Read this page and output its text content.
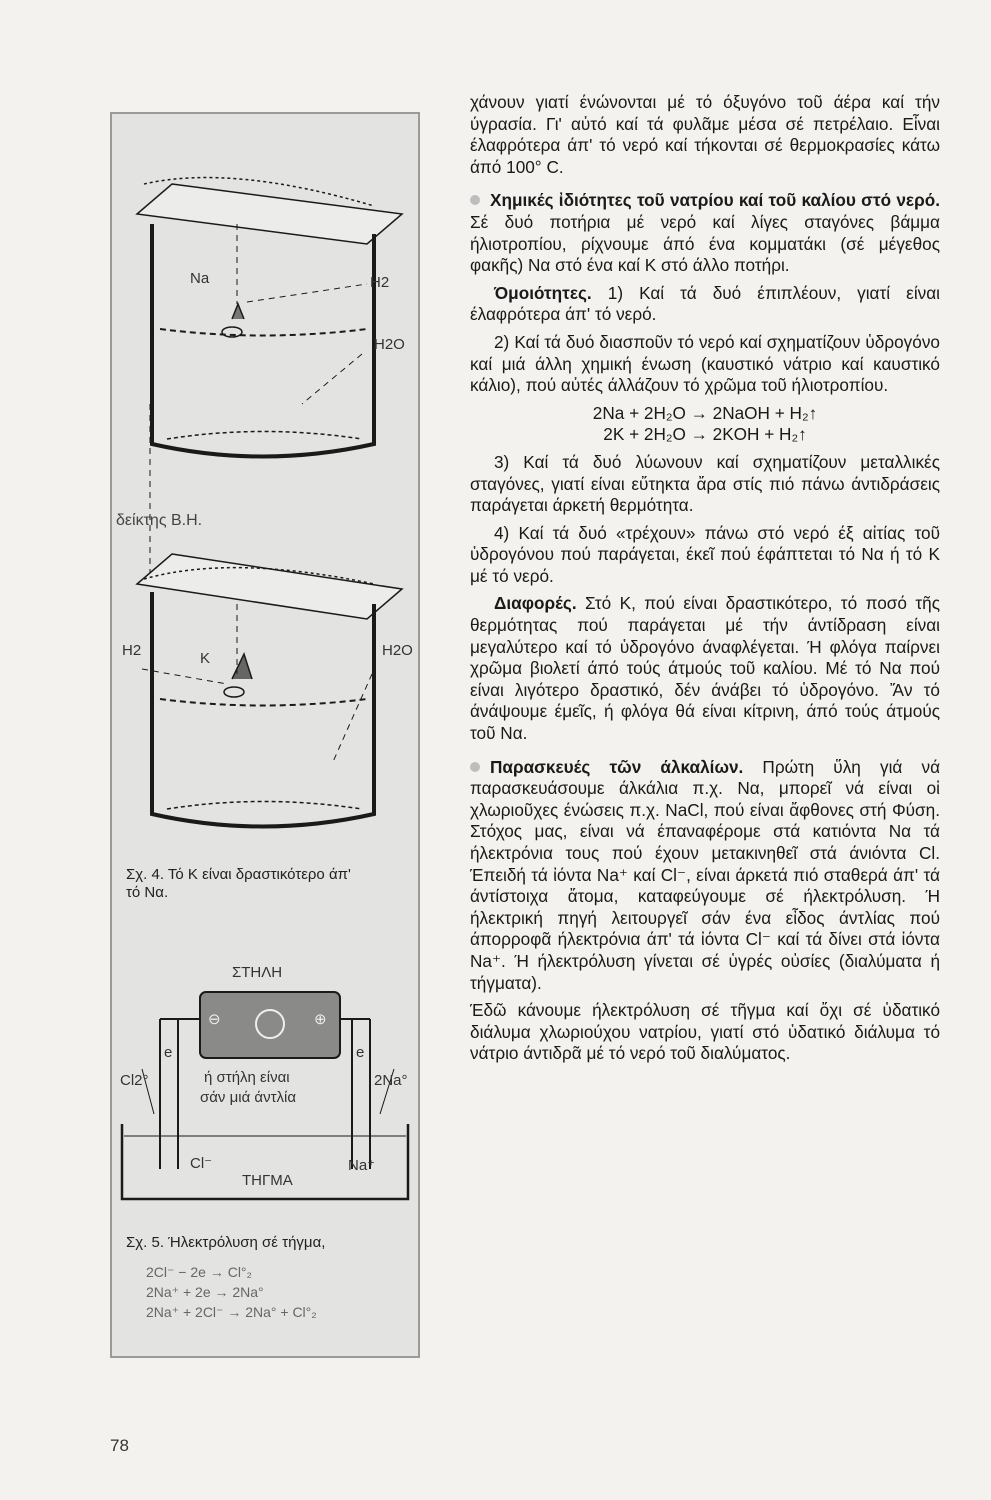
Na	H2
H2O
δείκτης Β.Η.
H2	K	H2O
Σχ. 4. Τό Κ είναι δραστικότερο άπ'
τό Να.
ΣΤΗΛΗ
⊖	⊕
Cl2°	2Na°
e	e
ή στήλη είναι
σάν μιά άντλία
Cl⁻	Na⁺
ΤΗΓΜΑ
Σχ. 5. Ήλεκτρόλυση σέ τήγμα,
2Cl⁻ − 2e → Cl°₂
2Na⁺ + 2e → 2Na°
2Na⁺ + 2Cl⁻ → 2Na° + Cl°₂

χάνουν γιατί ένώνονται μέ τό όξυγόνο τοῦ άέρα καί τήν ύγρασία. Γι' αὐτό καί τά φυλᾶμε μέσα σέ πετρέλαιο. Εἶναι έλαφρότερα άπ' τό νερό καί τήκονται σέ θερμοκρασίες κάτω άπό 100° C.

Χημικές ἰδιότητες τοῦ νατρίου καί τοῦ καλίου στό νερό. Σέ δυό ποτήρια μέ νερό καί λίγες σταγόνες βάμμα ήλιοτροπίου, ρίχνουμε άπό ένα κομματάκι (σέ μέγεθος φακῆς) Να στό ένα καί Κ στό άλλο ποτήρι.

Όμοιότητες. 1) Καί τά δυό έπιπλέουν, γιατί είναι έλαφρότερα άπ' τό νερό.

2) Καί τά δυό διασποῦν τό νερό καί σχηματίζουν ὑδρογόνο καί μιά άλλη χημική ένωση (καυστικό νάτριο καί καυστικό κάλιο), πού αὐτές άλλάζουν τό χρῶμα τοῦ ήλιοτροπίου.

2Na + 2H₂O → 2NaOH + H₂↑

2K + 2H₂O → 2KOH + H₂↑

3) Καί τά δυό λύωνουν καί σχηματίζουν μεταλλικές σταγόνες, γιατί είναι εὔτηκτα ἄρα στίς πιό πάνω άντιδράσεις παράγεται άρκετή θερμότητα.

4) Καί τά δυό «τρέχουν» πάνω στό νερό έξ αἰτίας τοῦ ὑδρογόνου πού παράγεται, έκεῖ πού έφάπτεται τό Να ή τό Κ μέ τό νερό.

Διαφορές. Στό Κ, πού είναι δραστικότερο, τό ποσό τῆς θερμότητας πού παράγεται μέ τήν άντίδραση είναι μεγαλύτερο καί τό ὑδρογόνο άναφλέγεται. Ή φλόγα παίρνει χρῶμα βιολετί άπό τούς άτμούς τοῦ καλίου. Μέ τό Να πού είναι λιγότερο δραστικό, δέν άνάβει τό ὑδρογόνο. Ἄν τό άνάψουμε έμεῖς, ή φλόγα θά είναι κίτρινη, άπό τούς άτμούς τοῦ Να.

Παρασκευές τῶν άλκαλίων. Πρώτη ὕλη γιά νά παρασκευάσουμε άλκάλια π.χ. Να, μπορεῖ νά είναι οἱ χλωριοῦχες ένώσεις π.χ. NaCl, πού είναι ἄφθονες στή Φύση. Στόχος μας, είναι νά έπαναφέρομε στά κατιόντα Να τά ήλεκτρόνια τους πού έχουν μετακινηθεῖ στά άνιόντα Cl. Έπειδή τά ἰόντα Na⁺ καί Cl⁻, είναι άρκετά πιό σταθερά άπ' τά άντίστοιχα ἄτομα, καταφεύγουμε σέ ήλεκτρόλυση. Ή ήλεκτρική πηγή λειτουργεῖ σάν ένα εἶδος άντλίας πού άπορροφᾶ ήλεκτρόνια άπ' τά ἰόντα Cl⁻ καί τά δίνει στά ἰόντα Na⁺. Ή ήλεκτρόλυση γίνεται σέ ὑγρές οὐσίες (διαλύματα ή τήγματα).

Έδῶ κάνουμε ήλεκτρόλυση σέ τῆγμα καί ὄχι σέ ὑδατικό διάλυμα χλωριούχου νατρίου, γιατί στό ὑδατικό διάλυμα τό νάτριο άντιδρᾶ μέ τό νερό τοῦ διαλύματος.

78
